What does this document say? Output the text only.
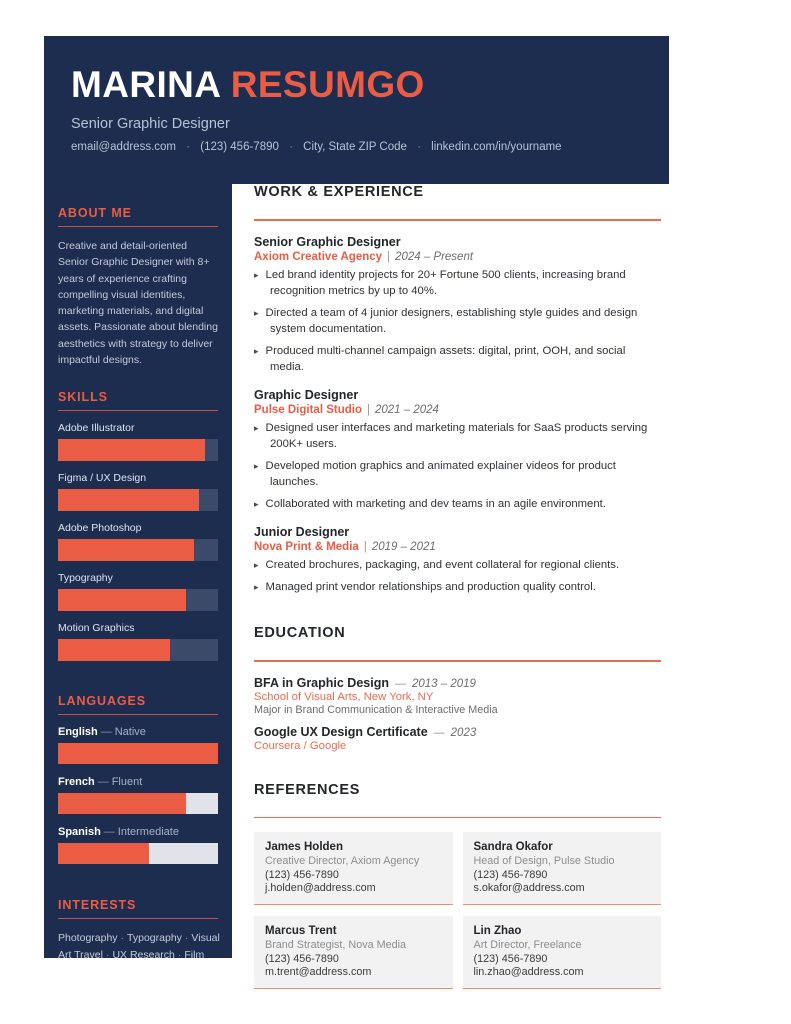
MARINA RESUMGO
Senior Graphic Designer
email@address.com · (123) 456-7890 · City, State ZIP Code · linkedin.com/in/yourname
ABOUT ME

Creative and detail-oriented Senior Graphic Designer with 8+ years of experience crafting compelling visual identities, marketing materials, and digital assets. Passionate about blending aesthetics with strategy to deliver impactful designs.

SKILLS
Adobe Illustrator
Figma / UX Design
Adobe Photoshop
Typography
Motion Graphics
LANGUAGES
English — Native
French — Fluent
Spanish — Intermediate
INTERESTS
Photography · Typography · Visual Art Travel · UX Research · Film
WORK & EXPERIENCE
Senior Graphic Designer
Axiom Creative Agency | 2024 – Present
▸ Led brand identity projects for 20+ Fortune 500 clients, increasing brand recognition metrics by up to 40%.
▸ Directed a team of 4 junior designers, establishing style guides and design system documentation.
▸ Produced multi-channel campaign assets: digital, print, OOH, and social media.
Graphic Designer
Pulse Digital Studio | 2021 – 2024
▸ Designed user interfaces and marketing materials for SaaS products serving 200K+ users.
▸ Developed motion graphics and animated explainer videos for product launches.
▸ Collaborated with marketing and dev teams in an agile environment.
Junior Designer
Nova Print & Media | 2019 – 2021
▸ Created brochures, packaging, and event collateral for regional clients.
▸ Managed print vendor relationships and production quality control.
EDUCATION
BFA in Graphic Design — 2013 – 2019
School of Visual Arts, New York, NY
Major in Brand Communication & Interactive Media
Google UX Design Certificate — 2023
Coursera / Google
REFERENCES
James Holden
Creative Director, Axiom Agency
(123) 456-7890
j.holden@address.com
Sandra Okafor
Head of Design, Pulse Studio
(123) 456-7890
s.okafor@address.com
Marcus Trent
Brand Strategist, Nova Media
(123) 456-7890
m.trent@address.com
Lin Zhao
Art Director, Freelance
(123) 456-7890
lin.zhao@address.com
